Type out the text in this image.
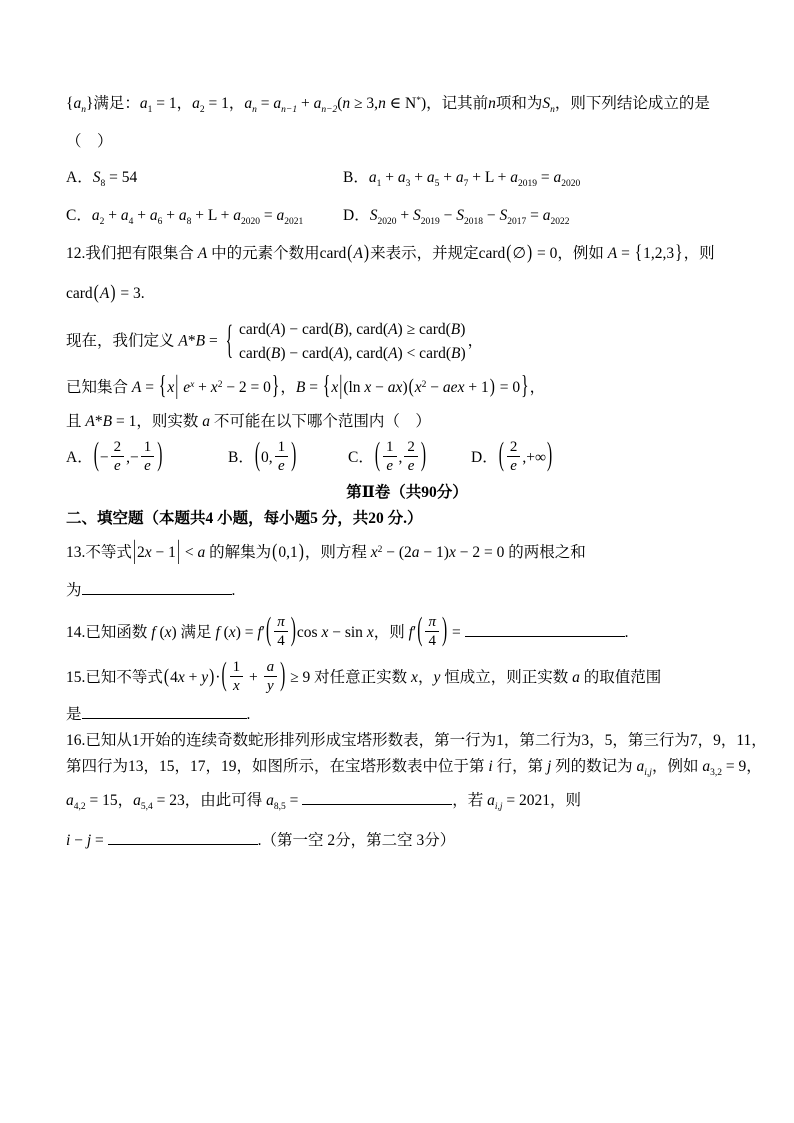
$\{a_n\}$满足：$a_1 = 1$，$a_2 = 1$，$a_n = a_{n-1} + a_{n-2}(n \ge 3,n$ ∈ N*)，记其前n项和为$S_n$，则下列结论成立的是
（　）
A．$S_8 = 54$	B．$a_1 + a_3 + a_5 + a_7 + L + a_{2019} = a_{2020}$
C．$a_2 + a_4 + a_6 + a_8 + L + a_{2020} = a_{2021}$	D．$S_{2020} + S_{2019} - S_{2018} - S_{2017} = a_{2022}$
12.我们把有限集合 A 中的元素个数用card(A)来表示，并规定card(∅) = 0，例如 A = {1,2,3}，则
card(A) = 3.
现在，我们定义 A*B = { card(A) − card(B), card(A) ≥ card(B)
card(B) − card(A), card(A) < card(B)
，
已知集合 A = {x| $e^x + x^2 - 2 = 0$}，B = {x|(ln $x - ax)(x^2$ − aex + 1) = 0}，
且 A*B = 1，则实数 a 不可能在以下哪个范围内（　）
A．(− $\frac{2}{e}$ ,− $\frac{1}{e}$ )	B．(0, $\frac{1}{e}$ )	C．( $\frac{1}{e}$ , $\frac{2}{e}$ )	D．( $\frac{2}{e}$ ,+∞)
第Ⅱ卷（共90分）
二、填空题（本题共4 小题，每小题5 分，共20 分.）
13.不等式|2x − 1| < a 的解集为(0,1)，则方程 $x^2 - (2a - 1)x - 2 = 0$ 的两根之和
为	.
14.已知函数 f (x) 满足 f $(x) = f'( \frac{\pi}{4} )\cos$ x − sin x，则 $f'( \frac{\pi}{4}$ ) =	.
15.已知不等式$(4x + y)\cdot( \frac{1}{x} + \frac{a}{y}$ ) ≥ 9 对任意正实数 x，y 恒成立，则正实数 a 的取值范围
是	.
16.已知从1开始的连续奇数蛇形排列形成宝塔形数表，第一行为1，第二行为3，5，第三行为7，9，11，
第四行为13，15，17，19，如图所示，在宝塔形数表中位于第 i 行，第 j 列的数记为 $a_{i,j}$，例如 $a_{3,2} = 9$，
$a_{4,2} = 15$，$a_{5,4} = 23$，由此可得 $a_{8,5}$ =	，若 $a_{i,j} = 2021$，则
i − j =	.（第一空 2分，第二空 3分）
